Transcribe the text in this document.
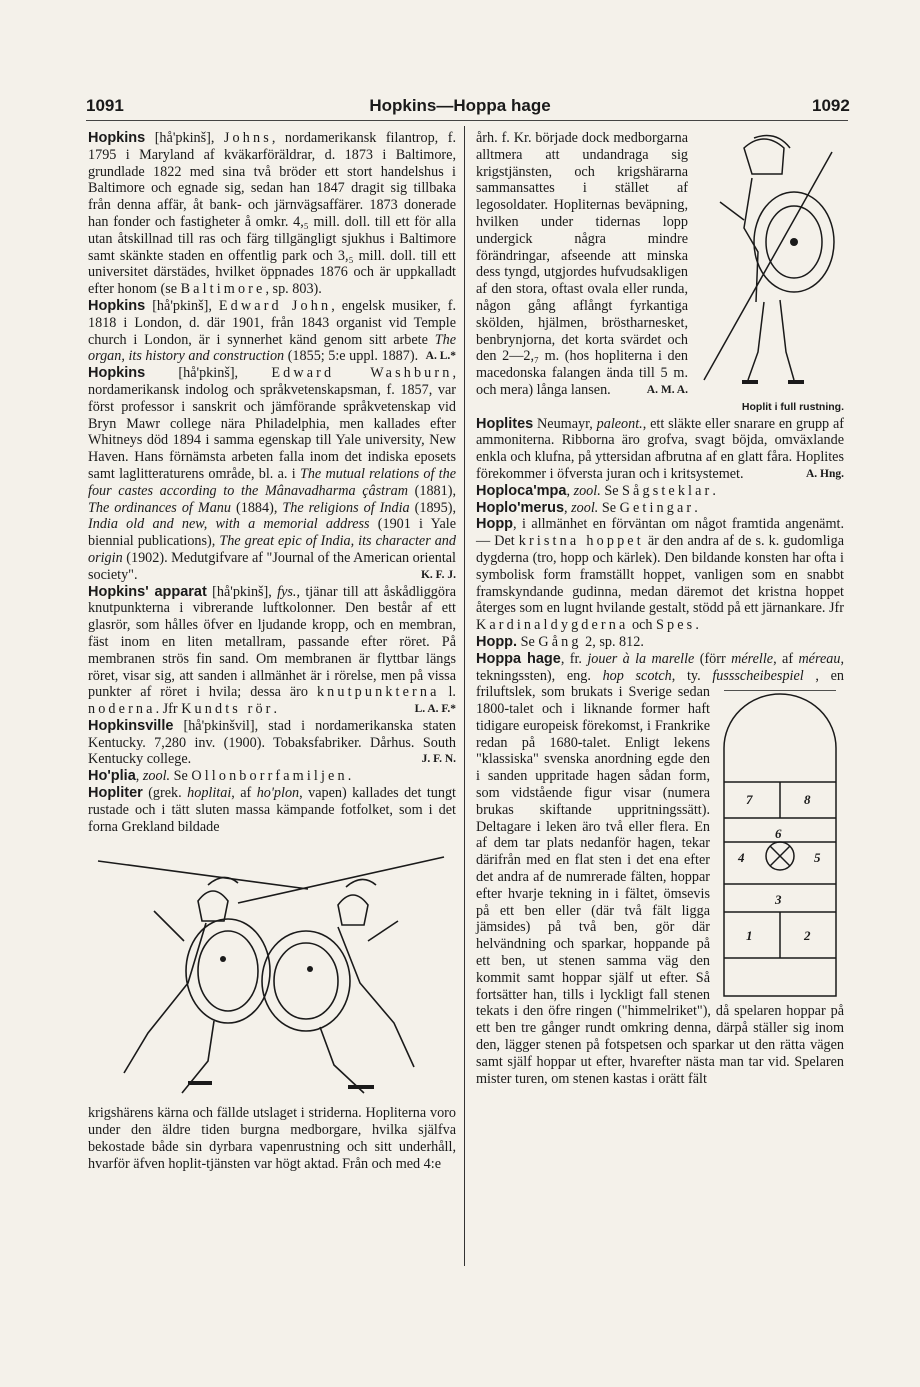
1091	Hopkins—Hoppa hage	1092

Hopkins [hå'pkinš], Johns, nordamerikansk filantrop, f. 1795 i Maryland af kväkarföräldrar, d. 1873 i Baltimore, grundlade 1822 med sina två bröder ett stort handelshus i Baltimore och egnade sig, sedan han 1847 dragit sig tillbaka från denna affär, åt bank- och järnvägsaffärer. 1873 donerade han fonder och fastigheter å omkr. 4,₅ mill. doll. till ett för alla utan åtskillnad till ras och färg tillgängligt sjukhus i Baltimore samt skänkte staden en offentlig park och 3,₅ mill. doll. till ett universitet därstädes, hvilket öppnades 1876 och är uppkalladt efter honom (se Baltimore, sp. 803).

Hopkins [hå'pkinš], Edward John, engelsk musiker, f. 1818 i London, d. där 1901, från 1843 organist vid Temple church i London, är i synnerhet känd genom sitt arbete The organ, its history and construction (1855; 5:e uppl. 1887). A. L.*

Hopkins [hå'pkinš], Edward Washburn, nordamerikansk indolog och språkvetenskapsman, f. 1857, var först professor i sanskrit och jämförande språkvetenskap vid Bryn Mawr college nära Philadelphia, men kallades efter Whitneys död 1894 i samma egenskap till Yale university, New Haven. Hans förnämsta arbeten falla inom det indiska eposets samt laglitteraturens område, bl. a. i The mutual relations of the four castes according to the Mânavadharma çâstram (1881), The ordinances of Manu (1884), The religions of India (1895), India old and new, with a memorial address (1901 i Yale biennial publications), The great epic of India, its character and origin (1902). Medutgifvare af "Journal of the American oriental society".	K. F. J.

Hopkins' apparat [hå'pkinš], fys., tjänar till att åskådliggöra knutpunkterna i vibrerande luftkolonner. Den består af ett glasrör, som hålles öfver en ljudande kropp, och en membran, fäst inom en liten metallram, passande efter röret. På membranen strös fin sand. Om membranen är flyttbar längs röret, visar sig, att sanden i allmänhet är i rörelse, men på vissa punkter af röret i hvila; dessa äro knutpunkterna l. noderna. Jfr Kundts rör.	L. A. F.*

Hopkinsville [hå'pkinšvil], stad i nordamerikanska staten Kentucky. 7,280 inv. (1900). Tobaksfabriker. Dårhus. South Kentucky college.	J. F. N.

Ho'plia, zool. Se Ollonborrfamiljen.

Hopliter (grek. hoplitai, af ho'plon, vapen) kallades det tungt rustade och i tätt sluten massa kämpande fotfolket, som i det forna Grekland bildade

krigshärens kärna och fällde utslaget i striderna. Hopliterna voro under den äldre tiden burgna medborgare, hvilka själfva bekostade både sin dyrbara vapenrustning och sitt underhåll, hvarför äfven hoplit-tjänsten var högt aktad. Från och med 4:e

årh. f. Kr. började dock medborgarna alltmera att undandraga sig krigstjänsten, och krigshärarna sammansattes i stället af legosoldater. Hopliternas beväpning, hvilken under tidernas lopp undergick några mindre förändringar, afseende att minska dess tyngd, utgjordes hufvudsakligen af den stora, oftast ovala eller runda, någon gång aflångt fyrkantiga skölden, hjälmen, bröstharnesket, benbrynjorna, det korta svärdet och den 2—2,₇ m. (hos hopliterna i den macedonska falangen ända till 5 m. och mera) långa lansen.	A. M. A.

Hoplit i full rustning.

Hoplites Neumayr, paleont., ett släkte eller snarare en grupp af ammoniterna. Ribborna äro grofva, svagt böjda, omväxlande enkla och klufna, på yttersidan afbrutna af en glatt fåra. Hoplites förekommer i öfversta juran och i kritsystemet.	A. Hng.

Hoploca'mpa, zool. Se Sågsteklar.

Hoplo'merus, zool. Se Getingar.

Hopp, i allmänhet en förväntan om något framtida angenämt. — Det kristna hoppet är den andra af de s. k. gudomliga dygderna (tro, hopp och kärlek). Den bildande konsten har ofta i symbolisk form framställt hoppet, vanligen som en snabbt framskyndande gudinna, medan däremot det kristna hoppet återges som en lugnt hvilande gestalt, stödd på ett järnankare. Jfr Kardinaldygderna och Spes.

Hopp. Se Gång 2, sp. 812.

Hoppa hage, fr. jouer à la marelle (förr mérelle, af méreau, tekningssten), eng. hop scotch, ty. fussscheibespiel
7	8
6
4	5
3
1	2
, en friluftslek, som brukats i Sverige sedan 1800-talet och i liknande former haft tidigare europeisk förekomst, i Frankrike redan på 1680-talet. Enligt lekens "klassiska" svenska anordning egde den i sanden uppritade hagen sådan form, som vidstående figur visar (numera brukas skiftande uppritningssätt). Deltagare i leken äro två eller flera. En af dem tar plats nedanför hagen, tekar därifrån med en flat sten i det ena efter det andra af de numrerade fälten, hoppar efter hvarje tekning in i fältet, ömsevis på ett ben eller (där två fält ligga jämsides) på två ben, gör där helvändning och sparkar, hoppande på ett ben, ut stenen samma väg den kommit samt hoppar själf ut efter. Så fortsätter han, tills i lyckligt fall stenen tekats i den öfre ringen ("himmelriket"), då spelaren hoppar på ett ben tre gånger rundt omkring denna, därpå ställer sig inom den, lägger stenen på fotspetsen och sparkar ut den rätta vägen samt själf hoppar ut efter, hvarefter nästa man tar vid. Spelaren mister turen, om stenen kastas i orätt fält
